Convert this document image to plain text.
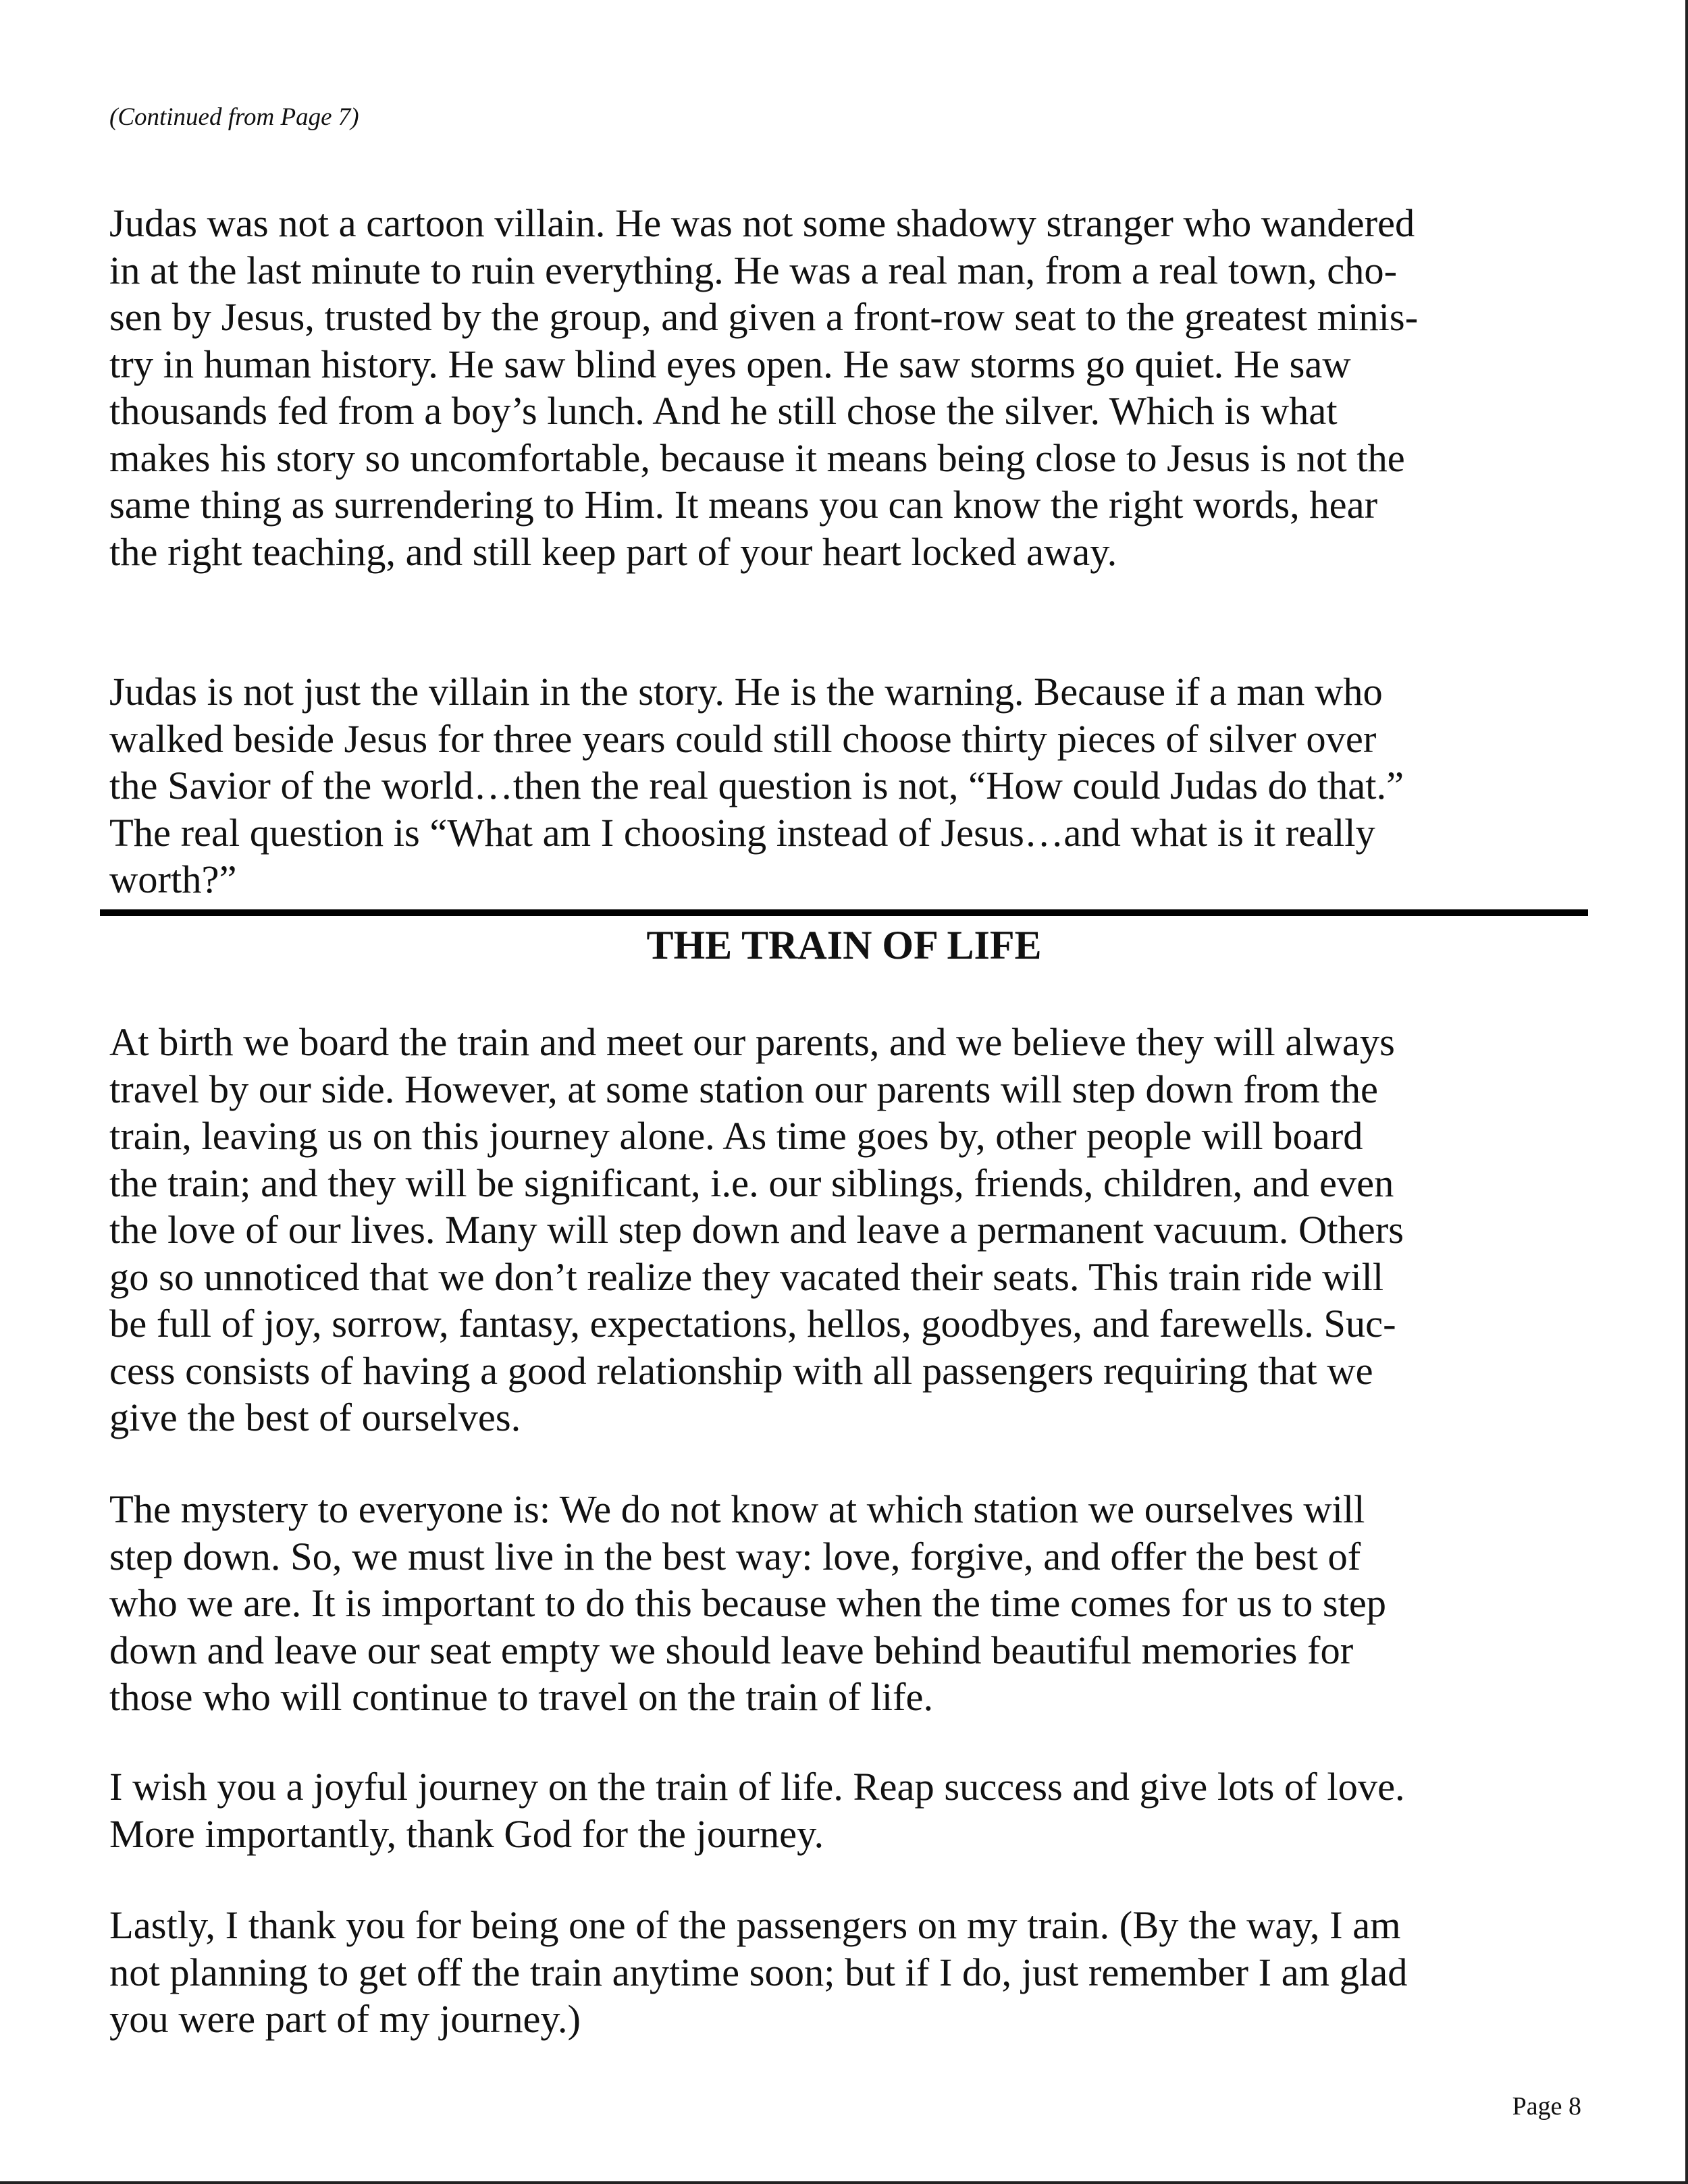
(Continued from Page 7)

Judas was not a cartoon villain. He was not some shadowy stranger who wandered
in at the last minute to ruin everything. He was a real man, from a real town, cho-
sen by Jesus, trusted by the group, and given a front-row seat to the greatest minis-
try in human history. He saw blind eyes open. He saw storms go quiet. He saw
thousands fed from a boy’s lunch. And he still chose the silver. Which is what
makes his story so uncomfortable, because it means being close to Jesus is not the
same thing as surrendering to Him. It means you can know the right words, hear
the right teaching, and still keep part of your heart locked away.

Judas is not just the villain in the story. He is the warning. Because if a man who
walked beside Jesus for three years could still choose thirty pieces of silver over
the Savior of the world…then the real question is not, “How could Judas do that.”
The real question is “What am I choosing instead of Jesus…and what is it really
worth?”

THE TRAIN OF LIFE

At birth we board the train and meet our parents, and we believe they will always
travel by our side. However, at some station our parents will step down from the
train, leaving us on this journey alone. As time goes by, other people will board
the train; and they will be significant, i.e. our siblings, friends, children, and even
the love of our lives. Many will step down and leave a permanent vacuum. Others
go so unnoticed that we don’t realize they vacated their seats. This train ride will
be full of joy, sorrow, fantasy, expectations, hellos, goodbyes, and farewells. Suc-
cess consists of having a good relationship with all passengers requiring that we
give the best of ourselves.

The mystery to everyone is: We do not know at which station we ourselves will
step down. So, we must live in the best way: love, forgive, and offer the best of
who we are. It is important to do this because when the time comes for us to step
down and leave our seat empty we should leave behind beautiful memories for
those who will continue to travel on the train of life.

I wish you a joyful journey on the train of life. Reap success and give lots of love.
More importantly, thank God for the journey.

Lastly, I thank you for being one of the passengers on my train. (By the way, I am
not planning to get off the train anytime soon; but if I do, just remember I am glad
you were part of my journey.)

Page 8
